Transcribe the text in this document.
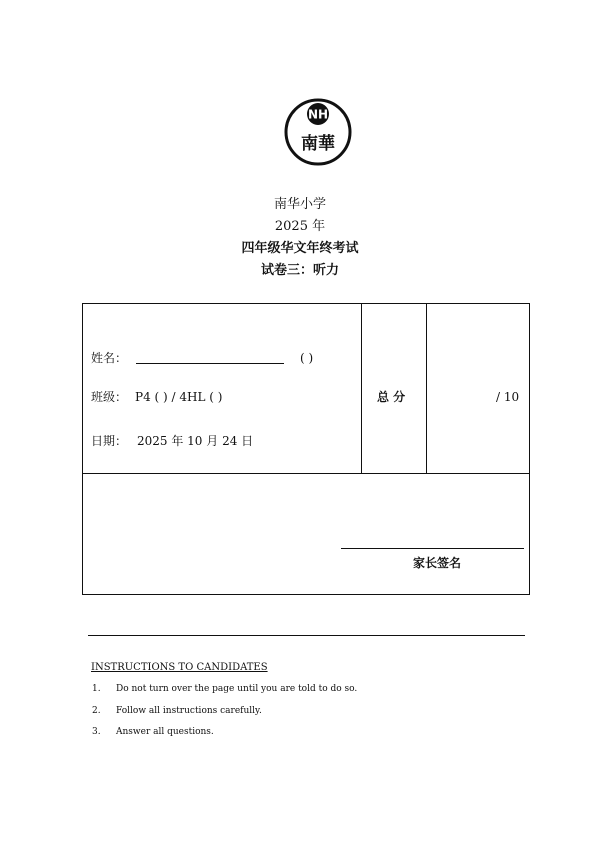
NH
南華
南华小学
2025 年
四年级华文年终考试
试卷三：听力
姓名：	( )
班级： P4 ( ) / 4HL ( )
日期： 2025 年 10 月 24 日
总 分	/ 10
家长签名
INSTRUCTIONS TO CANDIDATES
1. Do not turn over the page until you are told to do so.
2. Follow all instructions carefully.
3. Answer all questions.
